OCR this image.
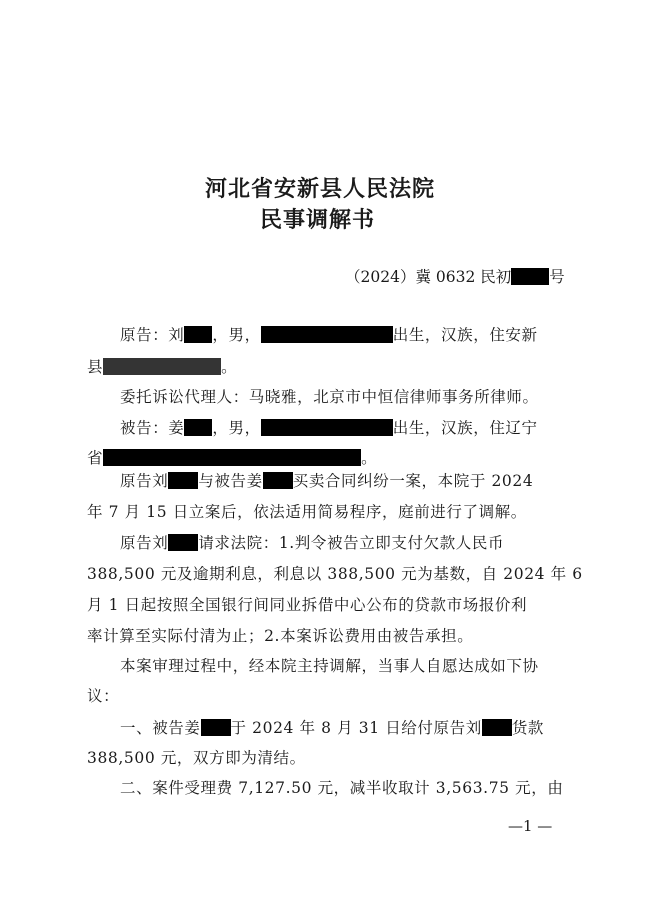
河北省安新县人民法院
民事调解书
（2024）冀 0632 民初 号
原告：刘 ，男，	出生，汉族，住安新
县	。
委托诉讼代理人：马晓雅，北京市中恒信律师事务所律师。
被告：姜 ，男，	出生，汉族，住辽宁
省	。
原告刘 与被告姜 买卖合同纠纷一案，本院于 2024
年 7 月 15 日立案后，依法适用简易程序，庭前进行了调解。
原告刘 请求法院：1.判令被告立即支付欠款人民币
388,500 元及逾期利息，利息以 388,500 元为基数，自 2024 年 6
月 1 日起按照全国银行间同业拆借中心公布的贷款市场报价利
率计算至实际付清为止；2.本案诉讼费用由被告承担。
本案审理过程中，经本院主持调解，当事人自愿达成如下协
议：
一、被告姜 于 2024 年 8 月 31 日给付原告刘 货款
388,500 元，双方即为清结。
二、案件受理费 7,127.50 元，减半收取计 3,563.75 元，由
—1 —
